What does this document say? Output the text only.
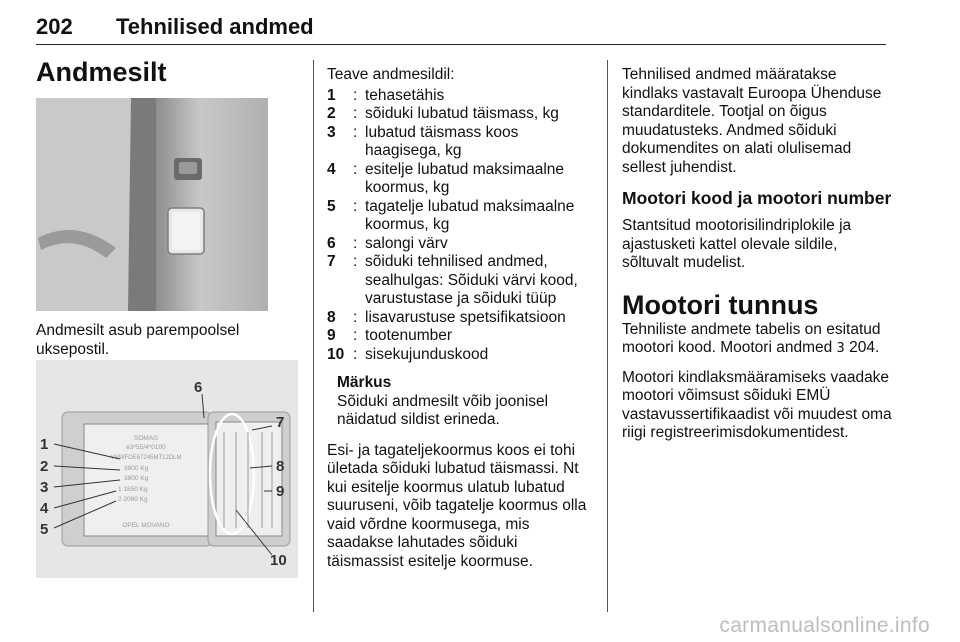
202 Tehnilised andmed
Andmesilt

Andmesilt asub parempoolsel uksepostil.

SOMAG
e3*55/4*0100
VNWFOE67245MT12DLM
3800 Kg
3800 Kg
1 1850 Kg
2 2060 Kg
OPEL MOVANO
1
2
3
4
5
6
7
8
9
10

Teave andmesildil:

1	: tehasetähis
2	: sõiduki lubatud täismass, kg
3	: lubatud täismass koos haagisega, kg
4	: esitelje lubatud maksimaalne koormus, kg
5	: tagatelje lubatud maksimaalne koormus, kg
6	: salongi värv
7	: sõiduki tehnilised andmed, sealhulgas: Sõiduki värvi kood, varustustase ja sõiduki tüüp
8	: lisavarustuse spetsifikatsioon
9	: tootenumber
10 : sisekujunduskood
Märkus
Sõiduki andmesilt võib joonisel näidatud sildist erineda.

Esi- ja tagateljekoormus koos ei tohi ületada sõiduki lubatud täismassi. Nt kui esitelje koormus ulatub lubatud suuruseni, võib tagatelje koormus olla vaid võrdne koormusega, mis saadakse lahutades sõiduki täismassist esitelje koormuse.

Tehnilised andmed määratakse kindlaks vastavalt Euroopa Ühenduse standarditele. Tootjal on õigus muudatusteks. Andmed sõiduki dokumendites on alati olulisemad sellest juhendist.

Mootori kood ja mootori number

Stantsitud mootorisilindriplokile ja ajastusketi kattel olevale sildile, sõltuvalt mudelist.

Mootori tunnus

Tehniliste andmete tabelis on esitatud mootori kood. Mootori andmed 3 204.

Mootori kindlaksmääramiseks vaadake mootori võimsust sõiduki EMÜ vastavussertifikaadist või muudest oma riigi registreerimisdokumentidest.

carmanualsonline.info
